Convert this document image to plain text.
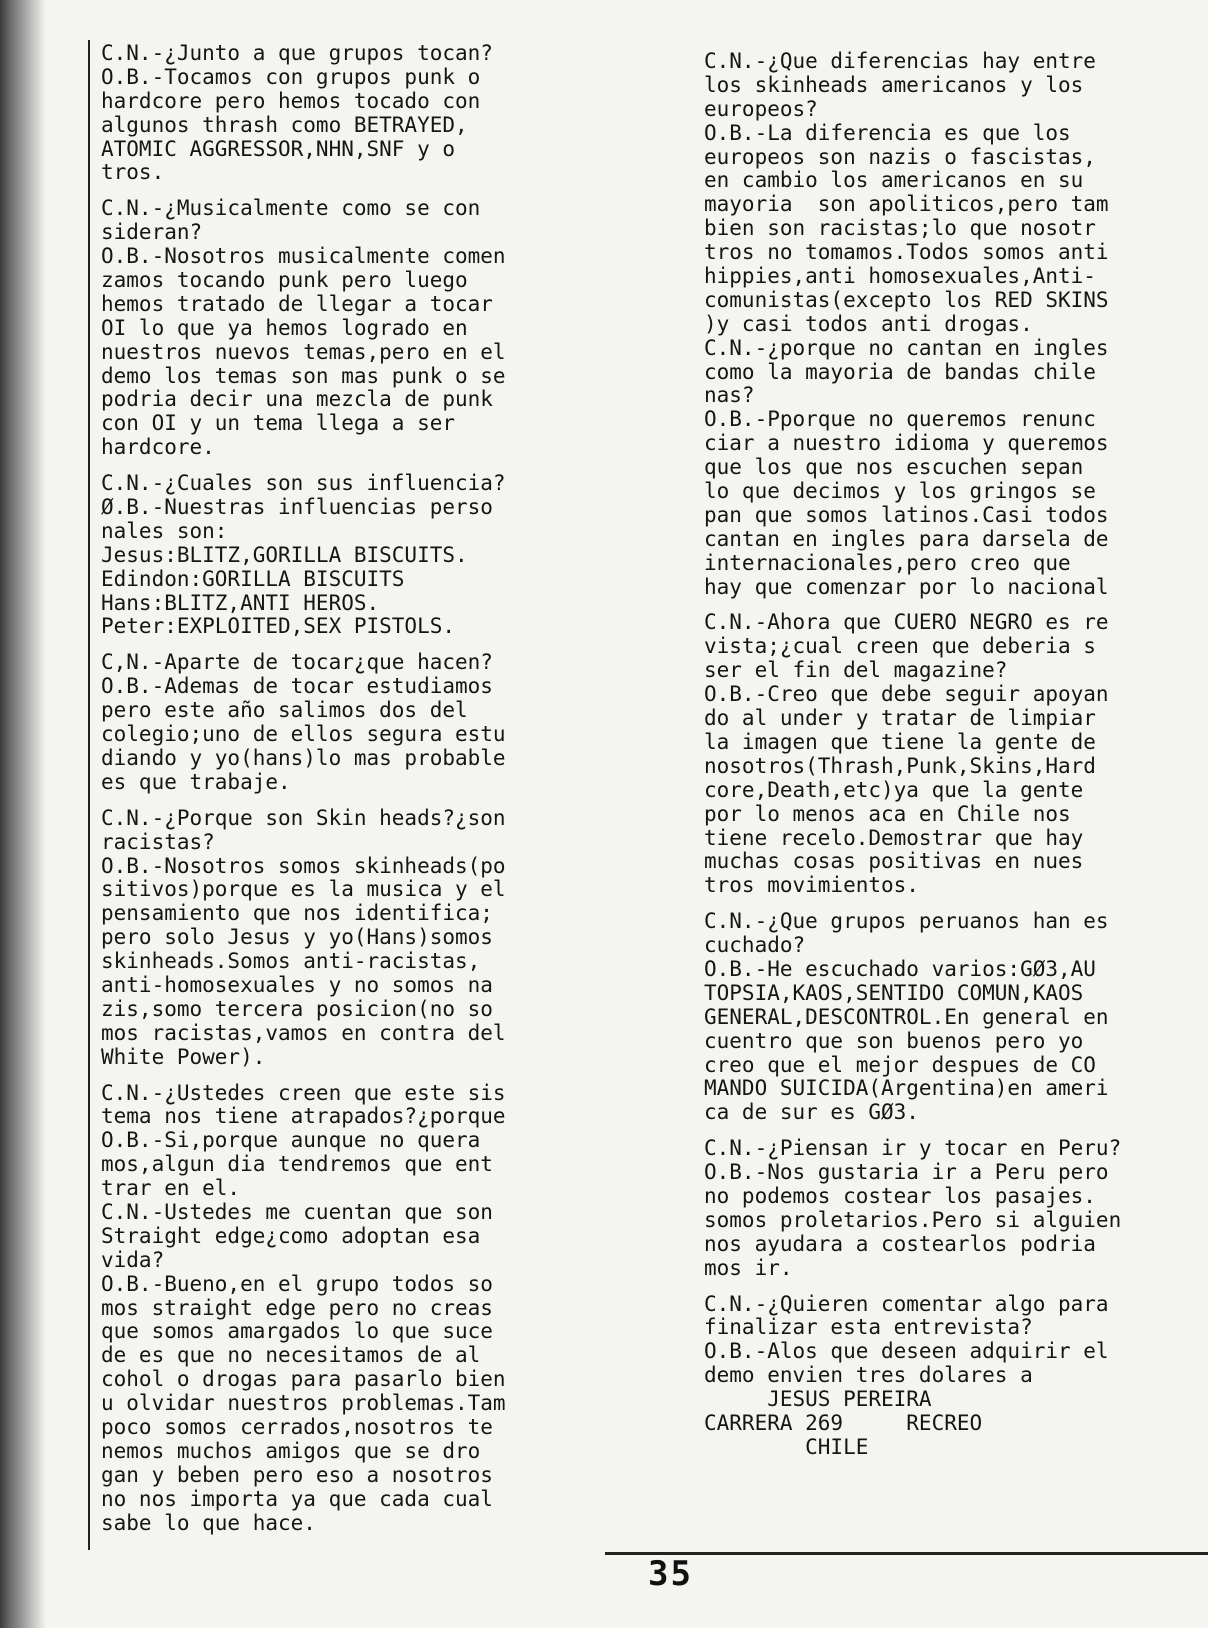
C.N.-¿Junto a que grupos tocan?
O.B.-Tocamos con grupos punk o
hardcore pero hemos tocado con
algunos thrash como BETRAYED,
ATOMIC AGGRESSOR,NHN,SNF y o
tros.
C.N.-¿Musicalmente como se con
sideran?
O.B.-Nosotros musicalmente comen
zamos tocando punk pero luego
hemos tratado de llegar a tocar
OI lo que ya hemos logrado en
nuestros nuevos temas,pero en el
demo los temas son mas punk o se
podria decir una mezcla de punk
con OI y un tema llega a ser
hardcore.
C.N.-¿Cuales son sus influencia?
Ø.B.-Nuestras influencias perso
nales son:
Jesus:BLITZ,GORILLA BISCUITS.
Edindon:GORILLA BISCUITS
Hans:BLITZ,ANTI HEROS.
Peter:EXPLOITED,SEX PISTOLS.
C,N.-Aparte de tocar¿que hacen?
O.B.-Ademas de tocar estudiamos
pero este año salimos dos del
colegio;uno de ellos segura estu
diando y yo(hans)lo mas probable
es que trabaje.
C.N.-¿Porque son Skin heads?¿son
racistas?
O.B.-Nosotros somos skinheads(po
sitivos)porque es la musica y el
pensamiento que nos identifica;
pero solo Jesus y yo(Hans)somos
skinheads.Somos anti-racistas,
anti-homosexuales y no somos na
zis,somo tercera posicion(no so
mos racistas,vamos en contra del
White Power).
C.N.-¿Ustedes creen que este sis
tema nos tiene atrapados?¿porque
O.B.-Si,porque aunque no quera
mos,algun dia tendremos que ent
trar en el.
C.N.-Ustedes me cuentan que son
Straight edge¿como adoptan esa
vida?
O.B.-Bueno,en el grupo todos so
mos straight edge pero no creas
que somos amargados lo que suce
de es que no necesitamos de al
cohol o drogas para pasarlo bien
u olvidar nuestros problemas.Tam
poco somos cerrados,nosotros te
nemos muchos amigos que se dro
gan y beben pero eso a nosotros
no nos importa ya que cada cual
sabe lo que hace.
C.N.-¿Que diferencias hay entre
los skinheads americanos y los
europeos?
O.B.-La diferencia es que los
europeos son nazis o fascistas,
en cambio los americanos en su
mayoria  son apoliticos,pero tam
bien son racistas;lo que nosotr
tros no tomamos.Todos somos anti
hippies,anti homosexuales,Anti-
comunistas(excepto los RED SKINS
)y casi todos anti drogas.
C.N.-¿porque no cantan en ingles
como la mayoria de bandas chile
nas?
O.B.-Pporque no queremos renunc
ciar a nuestro idioma y queremos
que los que nos escuchen sepan
lo que decimos y los gringos se
pan que somos latinos.Casi todos
cantan en ingles para darsela de
internacionales,pero creo que
hay que comenzar por lo nacional
C.N.-Ahora que CUERO NEGRO es re
vista;¿cual creen que deberia s
ser el fin del magazine?
O.B.-Creo que debe seguir apoyan
do al under y tratar de limpiar
la imagen que tiene la gente de
nosotros(Thrash,Punk,Skins,Hard
core,Death,etc)ya que la gente
por lo menos aca en Chile nos
tiene recelo.Demostrar que hay
muchas cosas positivas en nues
tros movimientos.
C.N.-¿Que grupos peruanos han es
cuchado?
O.B.-He escuchado varios:GØ3,AU
TOPSIA,KAOS,SENTIDO COMUN,KAOS
GENERAL,DESCONTROL.En general en
cuentro que son buenos pero yo
creo que el mejor despues de CO
MANDO SUICIDA(Argentina)en ameri
ca de sur es GØ3.
C.N.-¿Piensan ir y tocar en Peru?
O.B.-Nos gustaria ir a Peru pero
no podemos costear los pasajes.
somos proletarios.Pero si alguien
nos ayudara a costearlos podria
mos ir.
C.N.-¿Quieren comentar algo para
finalizar esta entrevista?
O.B.-Alos que deseen adquirir el
demo envien tres dolares a
JESUS PEREIRA
CARRERA 269     RECREO
CHILE
35
